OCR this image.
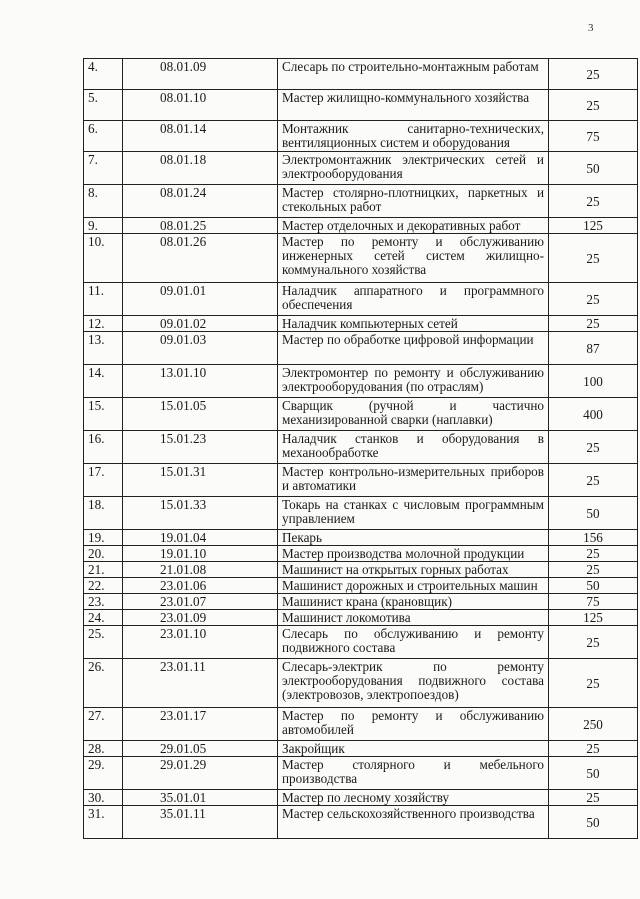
3
4.	08.01.09	Слесарь по строительно-монтажным работам	25
5.	08.01.10	Мастер жилищно-коммунального хозяйства	25
6.	08.01.14	Монтажник санитарно-технических, вентиляционных систем и оборудования	75
7.	08.01.18	Электромонтажник электрических сетей и электрооборудования	50
8.	08.01.24	Мастер столярно-плотницких, паркетных и стекольных работ	25
9.	08.01.25	Мастер отделочных и декоративных работ	125
10.	08.01.26	Мастер по ремонту и обслуживанию инженерных сетей систем жилищно-коммунального хозяйства	25
11.	09.01.01	Наладчик аппаратного и программного обеспечения	25
12.	09.01.02	Наладчик компьютерных сетей	25
13.	09.01.03	Мастер по обработке цифровой информации	87
14.	13.01.10	Электромонтер по ремонту и обслуживанию электрооборудования (по отраслям)	100
15.	15.01.05	Сварщик (ручной и частично механизированной сварки (наплавки)	400
16.	15.01.23	Наладчик станков и оборудования в механообработке	25
17.	15.01.31	Мастер контрольно-измерительных приборов и автоматики	25
18.	15.01.33	Токарь на станках с числовым программным управлением	50
19.	19.01.04	Пекарь	156
20.	19.01.10	Мастер производства молочной продукции	25
21.	21.01.08	Машинист на открытых горных работах	25
22.	23.01.06	Машинист дорожных и строительных машин	50
23.	23.01.07	Машинист крана (крановщик)	75
24.	23.01.09	Машинист локомотива	125
25.	23.01.10	Слесарь по обслуживанию и ремонту подвижного состава	25
26.	23.01.11	Слесарь-электрик по ремонту электрооборудования подвижного состава (электровозов, электропоездов)	25
27.	23.01.17	Мастер по ремонту и обслуживанию автомобилей	250
28.	29.01.05	Закройщик	25
29.	29.01.29	Мастер столярного и мебельного производства	50
30.	35.01.01	Мастер по лесному хозяйству	25
31.	35.01.11	Мастер сельскохозяйственного производства	50
